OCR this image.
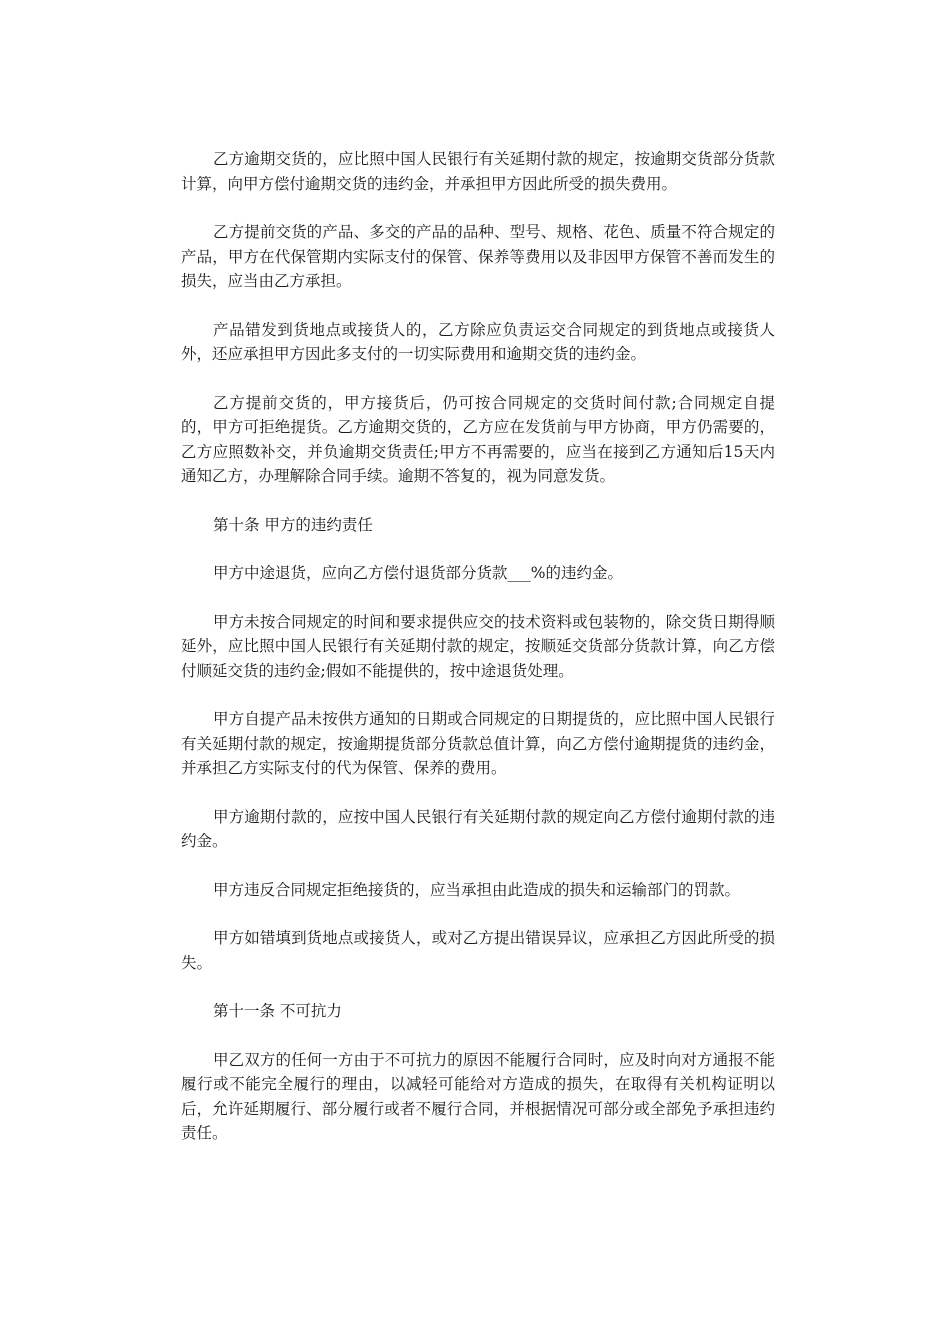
乙方逾期交货的，应比照中国人民银行有关延期付款的规定，按逾期交货部分货款计算，向甲方偿付逾期交货的违约金，并承担甲方因此所受的损失费用。

乙方提前交货的产品、多交的产品的品种、型号、规格、花色、质量不符合规定的产品，甲方在代保管期内实际支付的保管、保养等费用以及非因甲方保管不善而发生的损失，应当由乙方承担。

产品错发到货地点或接货人的，乙方除应负责运交合同规定的到货地点或接货人外，还应承担甲方因此多支付的一切实际费用和逾期交货的违约金。

乙方提前交货的，甲方接货后，仍可按合同规定的交货时间付款;合同规定自提的，甲方可拒绝提货。乙方逾期交货的，乙方应在发货前与甲方协商，甲方仍需要的，乙方应照数补交，并负逾期交货责任;甲方不再需要的，应当在接到乙方通知后15天内通知乙方，办理解除合同手续。逾期不答复的，视为同意发货。

第十条 甲方的违约责任

甲方中途退货，应向乙方偿付退货部分货款___%的违约金。

甲方未按合同规定的时间和要求提供应交的技术资料或包装物的，除交货日期得顺延外，应比照中国人民银行有关延期付款的规定，按顺延交货部分货款计算，向乙方偿付顺延交货的违约金;假如不能提供的，按中途退货处理。

甲方自提产品未按供方通知的日期或合同规定的日期提货的，应比照中国人民银行有关延期付款的规定，按逾期提货部分货款总值计算，向乙方偿付逾期提货的违约金，并承担乙方实际支付的代为保管、保养的费用。

甲方逾期付款的，应按中国人民银行有关延期付款的规定向乙方偿付逾期付款的违约金。

甲方违反合同规定拒绝接货的，应当承担由此造成的损失和运输部门的罚款。

甲方如错填到货地点或接货人，或对乙方提出错误异议，应承担乙方因此所受的损失。

第十一条 不可抗力

甲乙双方的任何一方由于不可抗力的原因不能履行合同时，应及时向对方通报不能履行或不能完全履行的理由，以减轻可能给对方造成的损失，在取得有关机构证明以后，允许延期履行、部分履行或者不履行合同，并根据情况可部分或全部免予承担违约责任。
